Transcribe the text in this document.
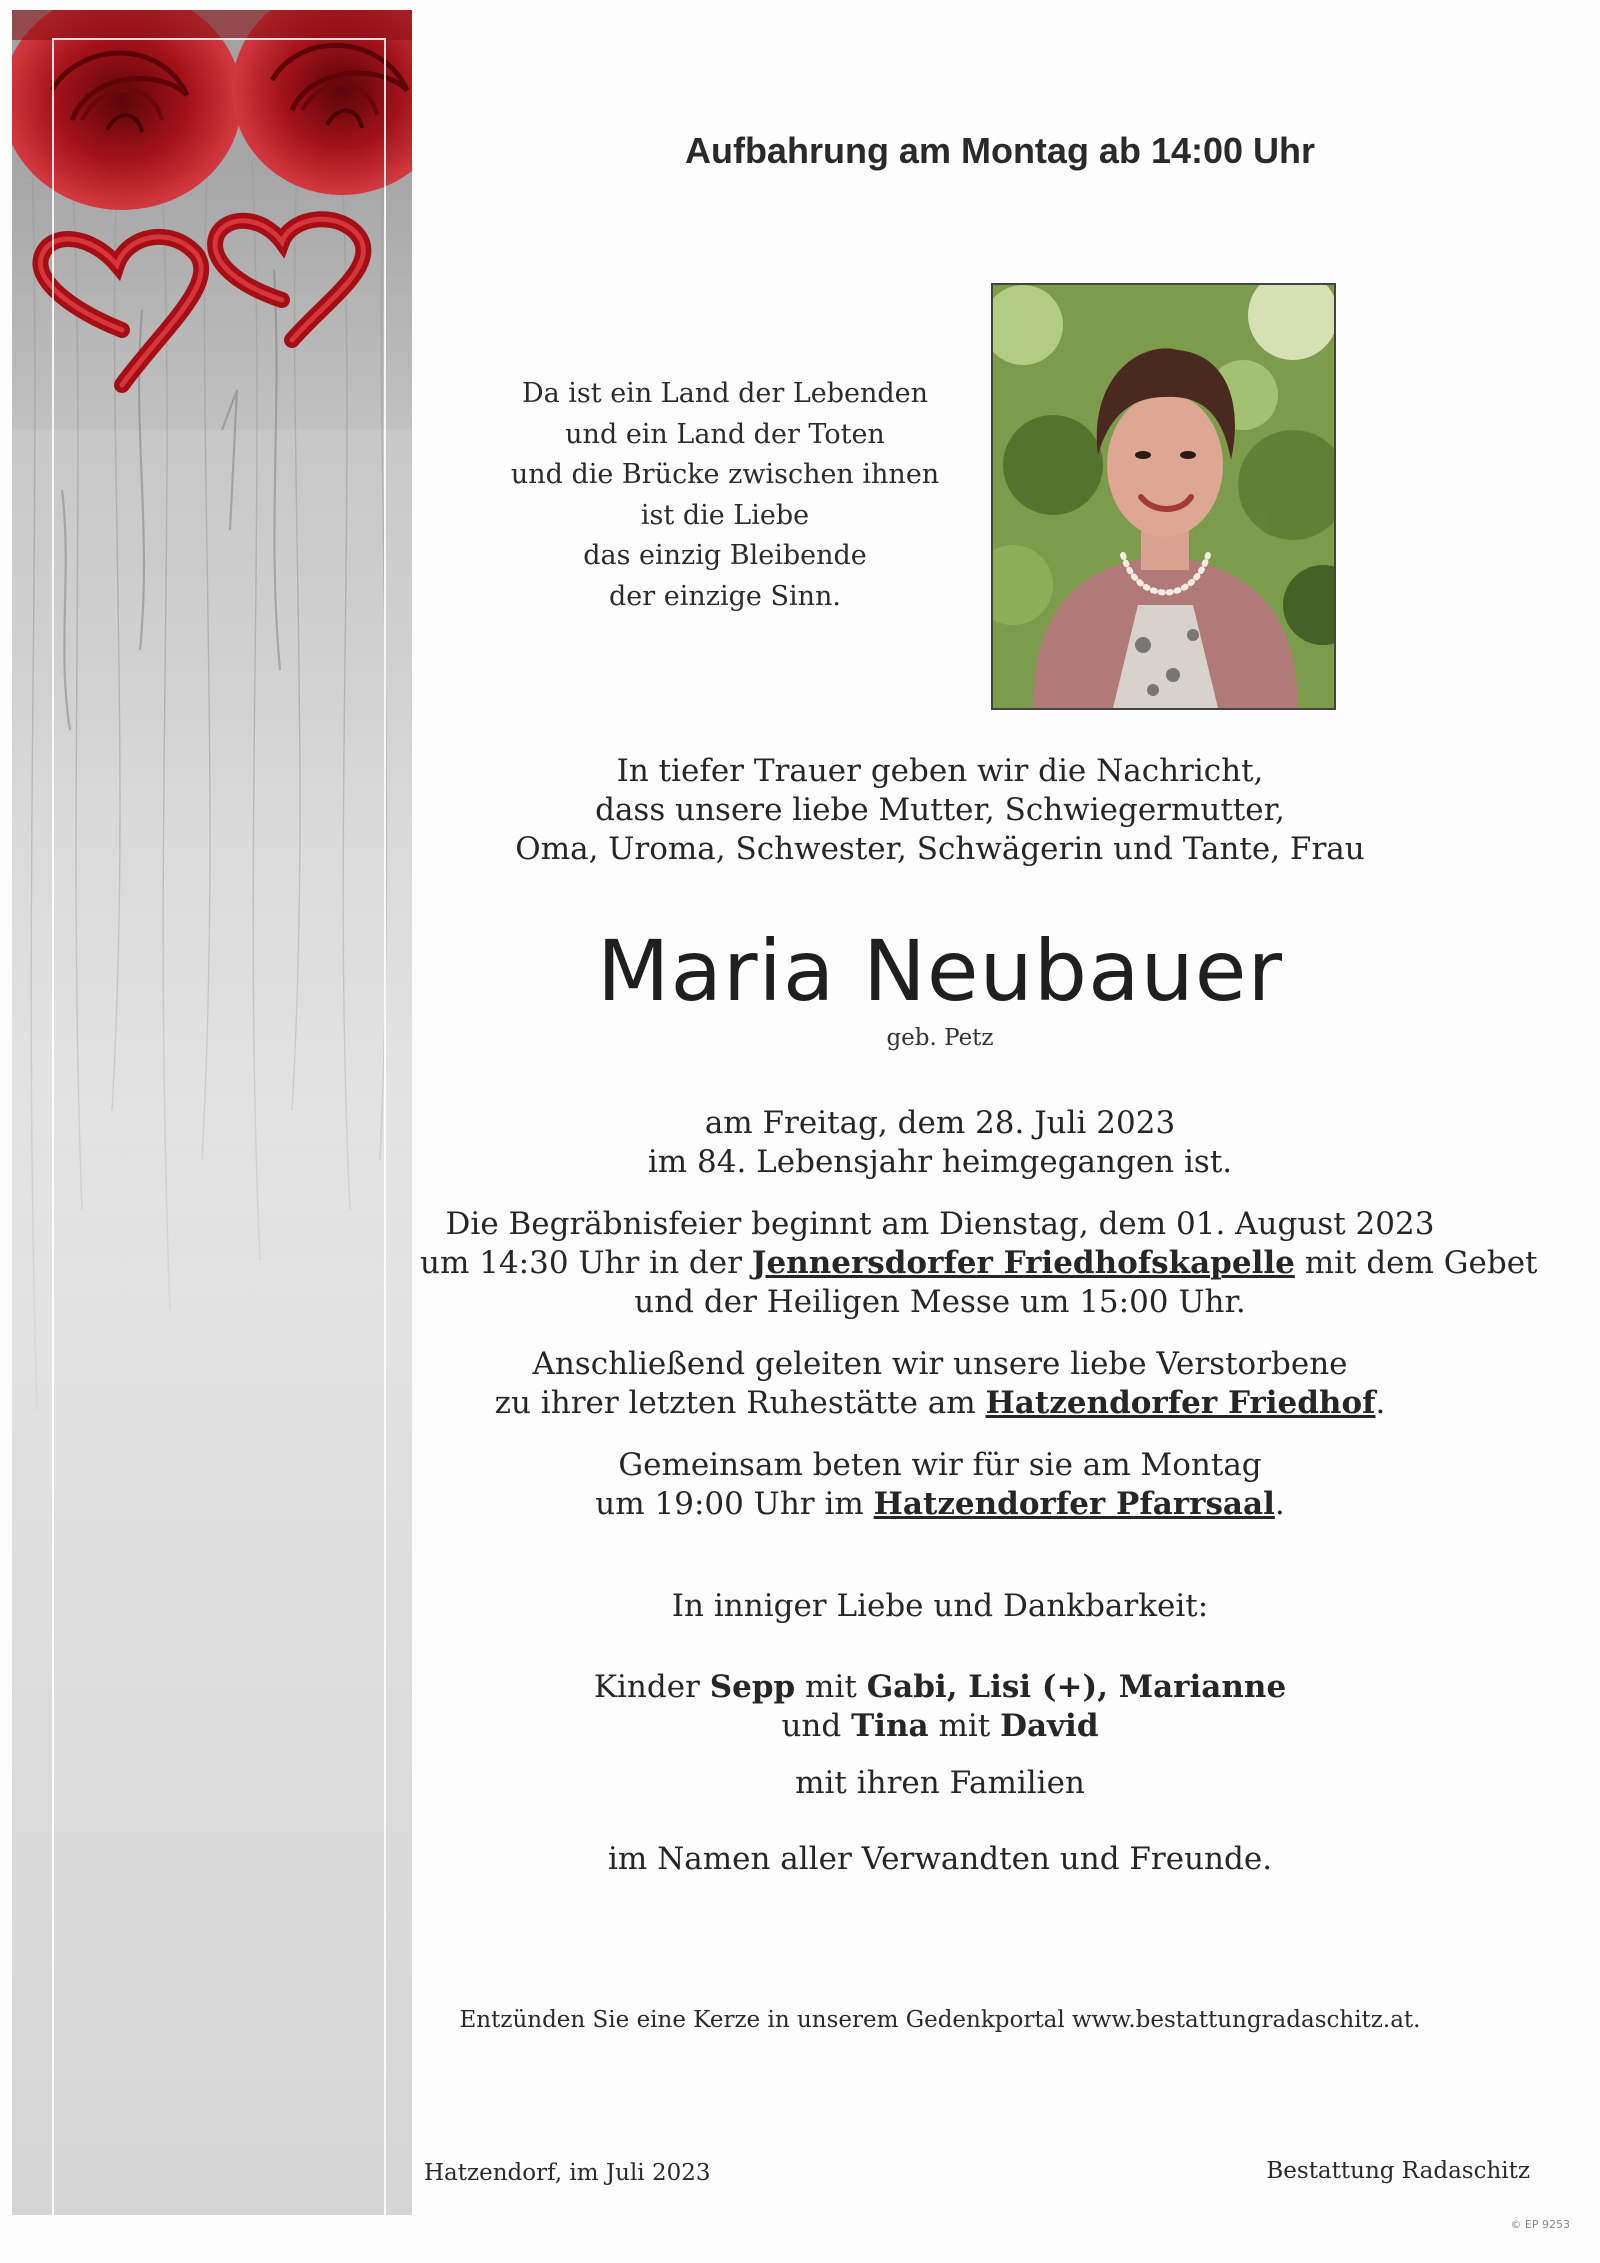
Aufbahrung am Montag ab 14:00 Uhr
Da ist ein Land der Lebenden
und ein Land der Toten
und die Brücke zwischen ihnen
ist die Liebe
das einzig Bleibende
der einzige Sinn.
In tiefer Trauer geben wir die Nachricht,
dass unsere liebe Mutter, Schwiegermutter,
Oma, Uroma, Schwester, Schwägerin und Tante, Frau
Maria Neubauer
geb. Petz
am Freitag, dem 28. Juli 2023
im 84. Lebensjahr heimgegangen ist.
Die Begräbnisfeier beginnt am Dienstag, dem 01. August 2023
um 14:30 Uhr in der Jennersdorfer Friedhofskapelle mit dem Gebet
und der Heiligen Messe um 15:00 Uhr.
Anschließend geleiten wir unsere liebe Verstorbene
zu ihrer letzten Ruhestätte am Hatzendorfer Friedhof.
Gemeinsam beten wir für sie am Montag
um 19:00 Uhr im Hatzendorfer Pfarrsaal.
In inniger Liebe und Dankbarkeit:
Kinder Sepp mit Gabi, Lisi (+), Marianne
und Tina mit David
mit ihren Familien
im Namen aller Verwandten und Freunde.
Entzünden Sie eine Kerze in unserem Gedenkportal www.bestattungradaschitz.at.
Hatzendorf, im Juli 2023	Bestattung Radaschitz
© EP 9253
